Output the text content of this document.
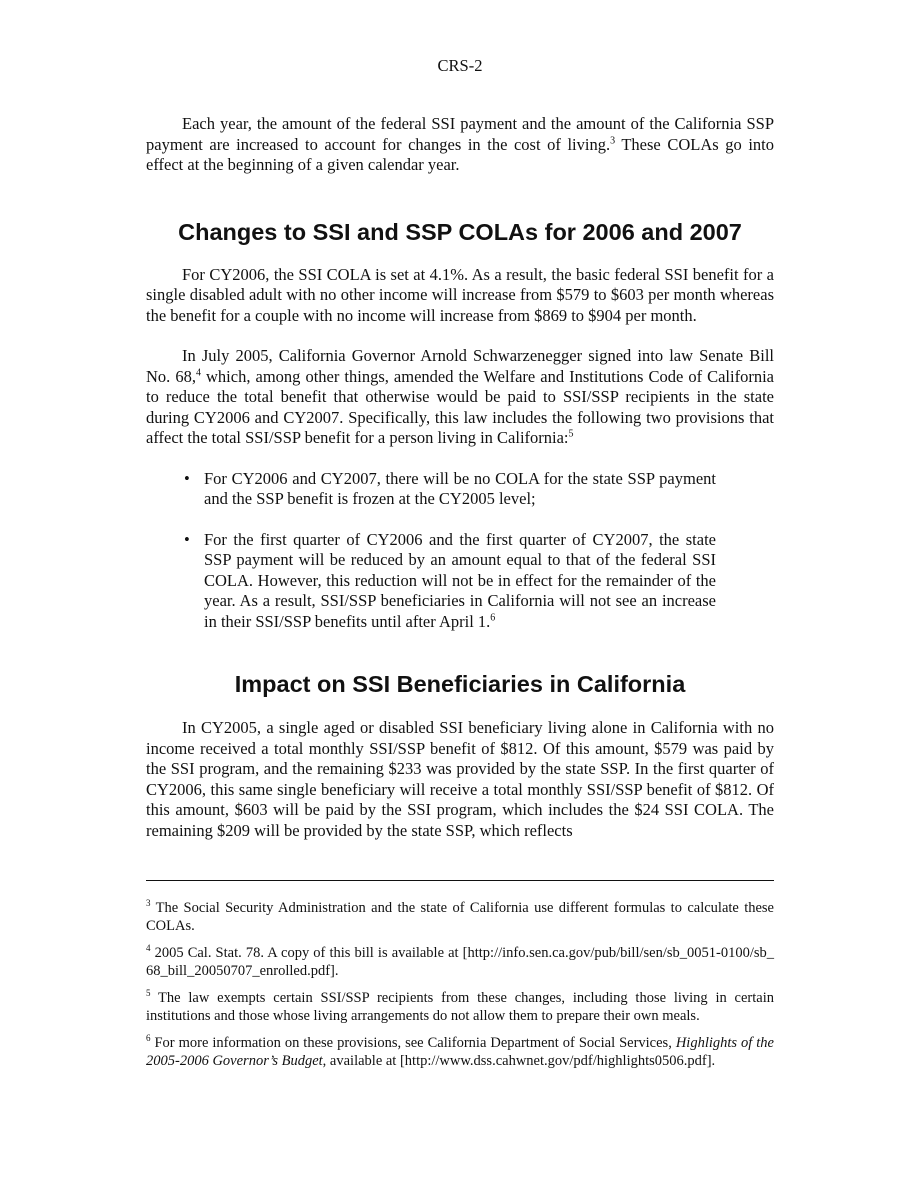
CRS-2

Each year, the amount of the federal SSI payment and the amount of the California SSP payment are increased to account for changes in the cost of living.$^3$ These COLAs go into effect at the beginning of a given calendar year.

Changes to SSI and SSP COLAs for 2006 and 2007

For CY2006, the SSI COLA is set at 4.1%. As a result, the basic federal SSI benefit for a single disabled adult with no other income will increase from $579 to $603 per month whereas the benefit for a couple with no income will increase from $869 to $904 per month.

In July 2005, California Governor Arnold Schwarzenegger signed into law Senate Bill No. 68,$^4$ which, among other things, amended the Welfare and Institutions Code of California to reduce the total benefit that otherwise would be paid to SSI/SSP recipients in the state during CY2006 and CY2007. Specifically, this law includes the following two provisions that affect the total SSI/SSP benefit for a person living in California:$^5$

• For CY2006 and CY2007, there will be no COLA for the state SSP payment and the SSP benefit is frozen at the CY2005 level;
• For the first quarter of CY2006 and the first quarter of CY2007, the state SSP payment will be reduced by an amount equal to that of the federal SSI COLA. However, this reduction will not be in effect for the remainder of the year. As a result, SSI/SSP beneficiaries in California will not see an increase in their SSI/SSP benefits until after April 1.$^6$
Impact on SSI Beneficiaries in California

In CY2005, a single aged or disabled SSI beneficiary living alone in California with no income received a total monthly SSI/SSP benefit of $812. Of this amount, $579 was paid by the SSI program, and the remaining $233 was provided by the state SSP. In the first quarter of CY2006, this same single beneficiary will receive a total monthly SSI/SSP benefit of $812. Of this amount, $603 will be paid by the SSI program, which includes the $24 SSI COLA. The remaining $209 will be provided by the state SSP, which reflects

$^3$ The Social Security Administration and the state of California use different formulas to calculate these COLAs.

$^4$ 2005 Cal. Stat. 78. A copy of this bill is available at [http://info.sen.ca.gov/pub/bill/sen/sb_0051-0100/sb_68_bill_20050707_enrolled.pdf].

$^5$ The law exempts certain SSI/SSP recipients from these changes, including those living in certain institutions and those whose living arrangements do not allow them to prepare their own meals.

$^6$ For more information on these provisions, see California Department of Social Services, Highlights of the 2005-2006 Governor’s Budget, available at [http://www.dss.cahwnet.gov/pdf/highlights0506.pdf].
